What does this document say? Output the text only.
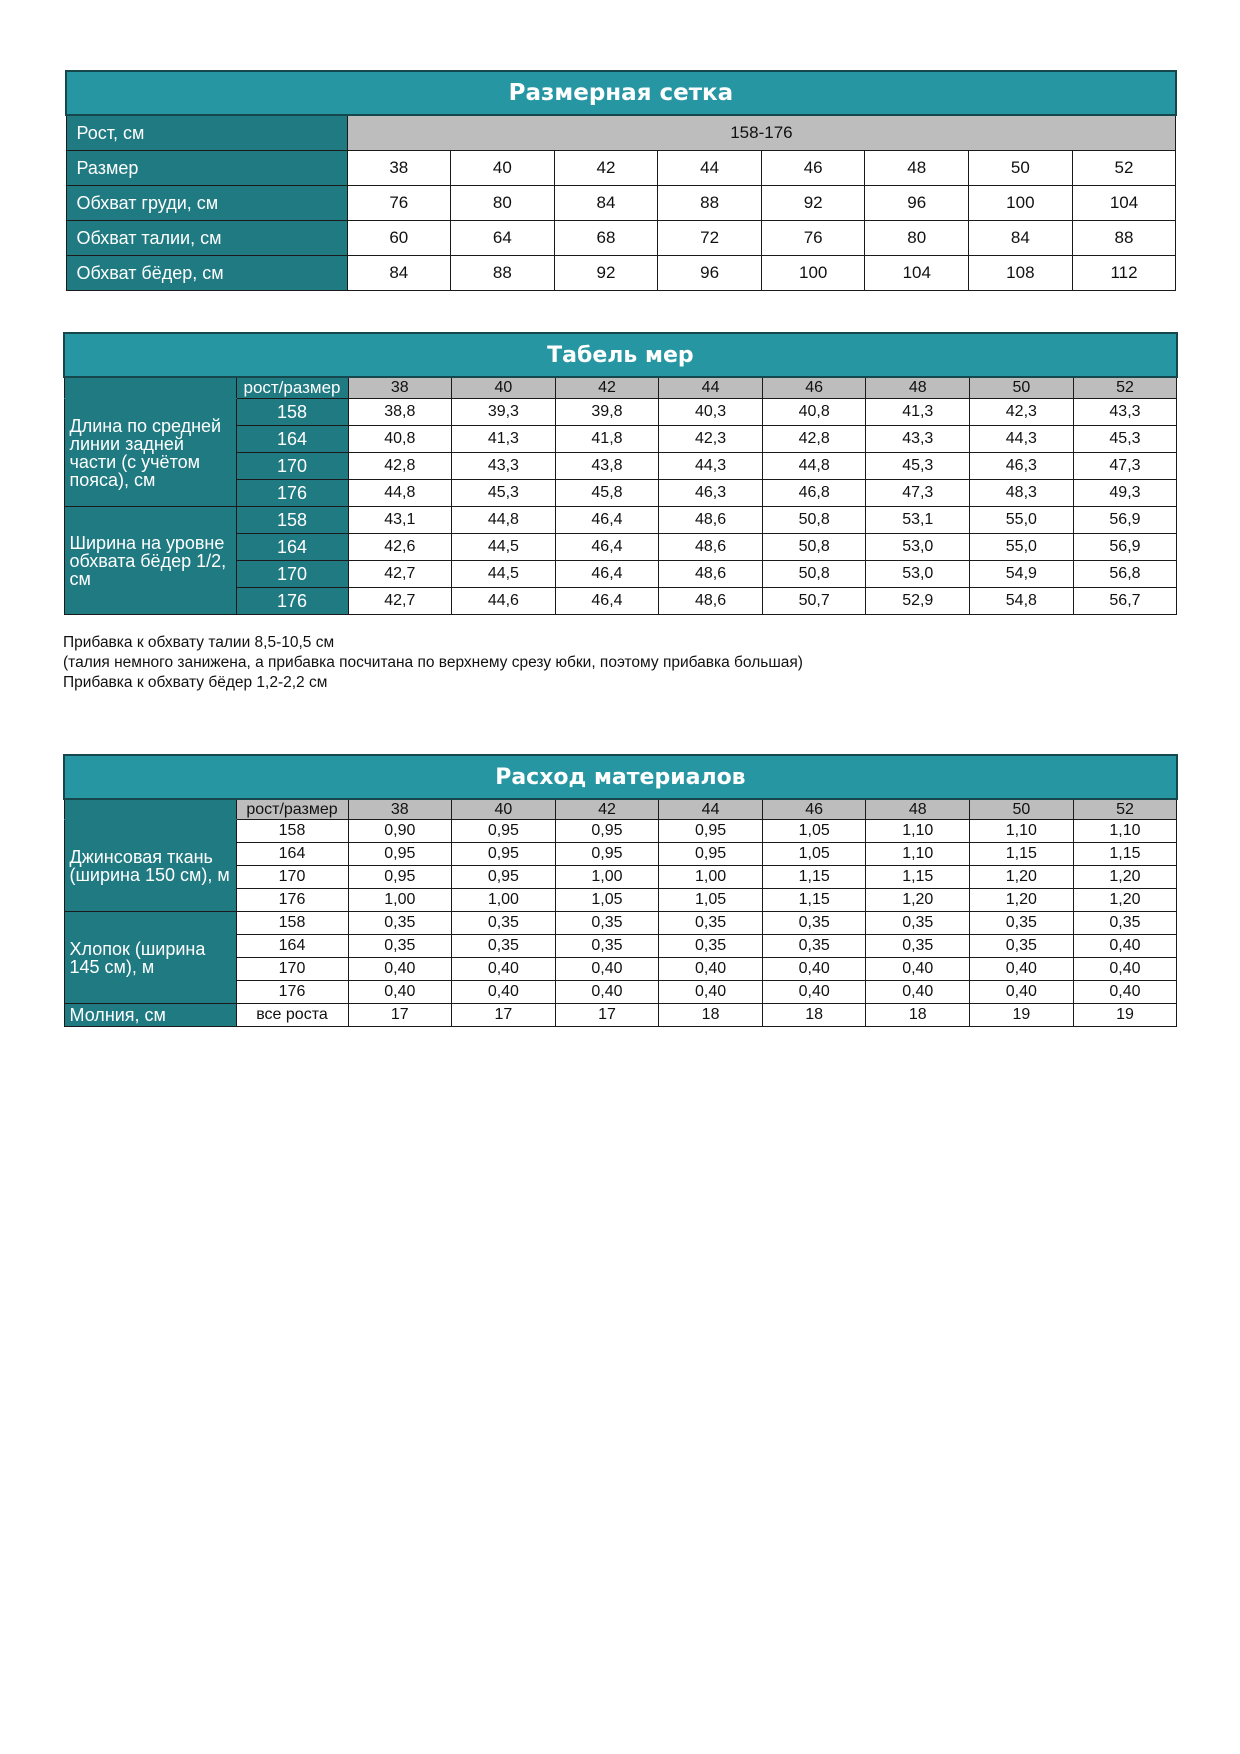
Размерная сетка								
Рост, см	158-176							
Размер	38	40	42	44	46	48	50	52
Обхват груди, см	76	80	84	88	92	96	100	104
Обхват талии, см	60	64	68	72	76	80	84	88
Обхват бёдер, см	84	88	92	96	100	104	108	112
Табель мер									
	рост/размер	38	40	42	44	46	48	50	52
Длина по средней линии задней части (с учётом пояса), см	158	38,8	39,3	39,8	40,3	40,8	41,3	42,3	43,3
	164	40,8	41,3	41,8	42,3	42,8	43,3	44,3	45,3
	170	42,8	43,3	43,8	44,3	44,8	45,3	46,3	47,3
	176	44,8	45,3	45,8	46,3	46,8	47,3	48,3	49,3
Ширина на уровне обхвата бёдер 1/2, см	158	43,1	44,8	46,4	48,6	50,8	53,1	55,0	56,9
	164	42,6	44,5	46,4	48,6	50,8	53,0	55,0	56,9
	170	42,7	44,5	46,4	48,6	50,8	53,0	54,9	56,8
	176	42,7	44,6	46,4	48,6	50,7	52,9	54,8	56,7
Прибавка к обхвату талии 8,5-10,5 см
(талия немного занижена, а прибавка посчитана по верхнему срезу юбки, поэтому прибавка большая)
Прибавка к обхвату бёдер 1,2-2,2 см
Расход материалов									
	рост/размер	38	40	42	44	46	48	50	52
Джинсовая ткань (ширина 150 см), м	158	0,90	0,95	0,95	0,95	1,05	1,10	1,10	1,10
	164	0,95	0,95	0,95	0,95	1,05	1,10	1,15	1,15
	170	0,95	0,95	1,00	1,00	1,15	1,15	1,20	1,20
	176	1,00	1,00	1,05	1,05	1,15	1,20	1,20	1,20
Хлопок (ширина 145 см), м	158	0,35	0,35	0,35	0,35	0,35	0,35	0,35	0,35
	164	0,35	0,35	0,35	0,35	0,35	0,35	0,35	0,40
	170	0,40	0,40	0,40	0,40	0,40	0,40	0,40	0,40
	176	0,40	0,40	0,40	0,40	0,40	0,40	0,40	0,40
Молния, см	все роста	17	17	17	18	18	18	19	19
